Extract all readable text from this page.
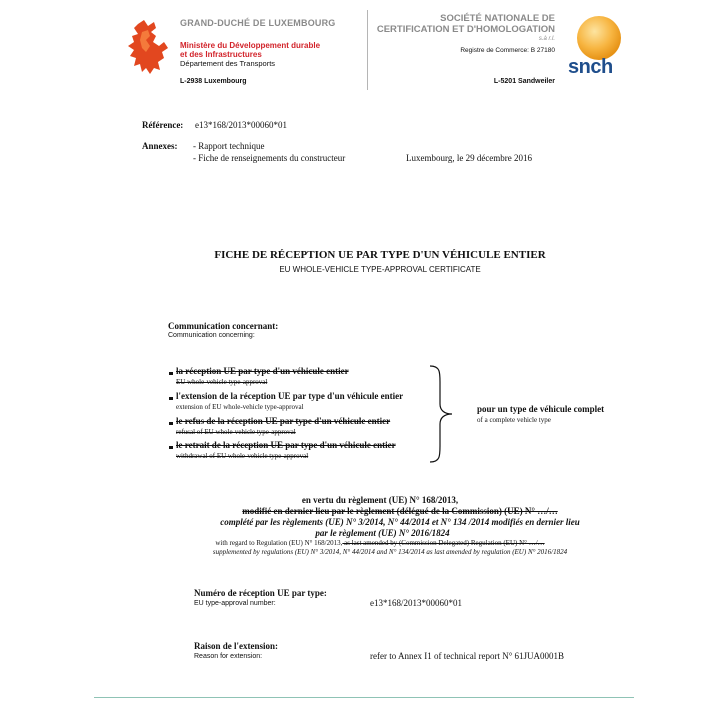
GRAND-DUCHÉ DE LUXEMBOURG
Ministère du Développement durable
et des Infrastructures
Département des Transports
L-2938 Luxembourg
SOCIÉTÉ NATIONALE DE
CERTIFICATION ET D'HOMOLOGATION
s.à r.l.
Registre de Commerce: B 27180
L-5201 Sandweiler
snch
Référence: e13*168/2013*00060*01
Annexes: - Rapport technique
- Fiche de renseignements du constructeur	Luxembourg, le 29 décembre 2016
FICHE DE RÉCEPTION UE PAR TYPE D'UN VÉHICULE ENTIER
EU WHOLE-VEHICLE TYPE-APPROVAL CERTIFICATE
Communication concernant:
Communication concerning:
la réception UE par type d'un véhicule entier
EU whole-vehicle type-approval
l'extension de la réception UE par type d'un véhicule entier
extension of EU whole-vehicle type-approval
le refus de la réception UE par type d'un véhicule entier
refusal of EU whole-vehicle type-approval
le retrait de la réception UE par type d'un véhicule entier
withdrawal of EU whole-vehicle type-approval
pour un type de véhicule complet
of a complete vehicle type
en vertu du règlement (UE) N° 168/2013,
modifié en dernier lieu par le règlement (délégué de la Commission) (UE) N° …/…
complété par les règlements (UE) N° 3/2014, N° 44/2014 et N° 134 /2014 modifiés en dernier lieu
par le règlement (UE) N° 2016/1824
with regard to Regulation (EU) N° 168/2013, as last amended by (Commission Delegated) Regulation (EU) N° …/…
supplemented by regulations (EU) N° 3/2014, N° 44/2014 and N° 134/2014 as last amended by regulation (EU) N° 2016/1824
Numéro de réception UE par type:
EU type-approval number:	e13*168/2013*00060*01
Raison de l'extension:
Reason for extension:	refer to Annex I1 of technical report N° 61JUA0001B
